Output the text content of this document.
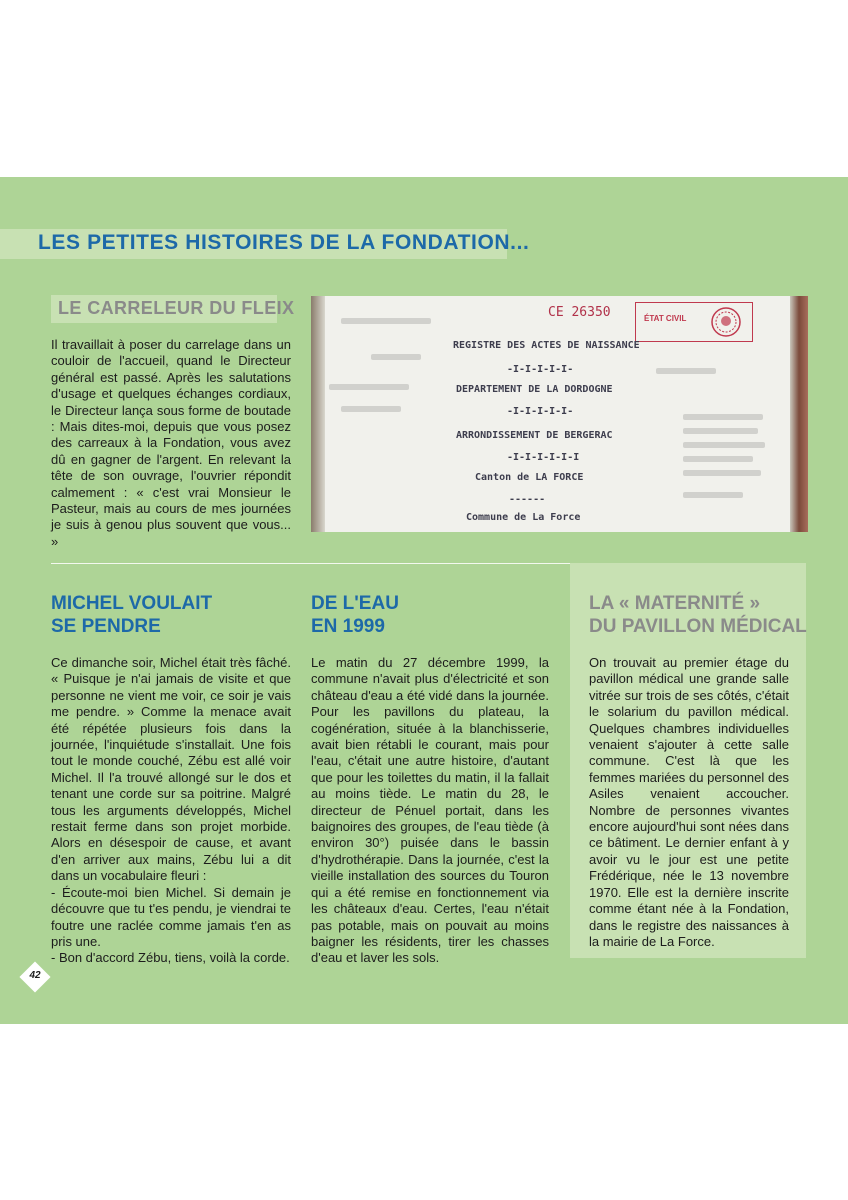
LES PETITES HISTOIRES DE LA FONDATION...
LE CARRELEUR DU FLEIX

Il travaillait à poser du carrelage dans un couloir de l'accueil, quand le Directeur général est passé. Après les salutations d'usage et quelques échanges cordiaux, le Directeur lança sous forme de boutade : Mais dites-moi, depuis que vous posez des carreaux à la Fondation, vous avez dû en gagner de l'argent. En relevant la tête de son ouvrage, l'ouvrier répondit calmement : « c'est vrai Monsieur le Pasteur, mais au cours de mes journées je suis à genou plus souvent que vous... »

CE 26350	ÉTAT CIVIL
REGISTRE DES ACTES DE NAISSANCE
-I-I-I-I-I-
DEPARTEMENT DE LA DORDOGNE
-I-I-I-I-I-
ARRONDISSEMENT DE BERGERAC
-I-I-I-I-I-I
Canton de LA FORCE
------
Commune de La Force
MICHEL VOULAIT
SE PENDRE
Ce dimanche soir, Michel était très fâché. « Puisque je n'ai jamais de visite et que personne ne vient me voir, ce soir je vais me pendre. » Comme la menace avait été répétée plusieurs fois dans la journée, l'inquiétude s'installait. Une fois tout le monde couché, Zébu est allé voir Michel. Il l'a trouvé allongé sur le dos et tenant une corde sur sa poitrine. Malgré tous les arguments développés, Michel restait ferme dans son projet morbide. Alors en désespoir de cause, et avant d'en arriver aux mains, Zébu lui a dit dans un vocabulaire fleuri :
- Écoute-moi bien Michel. Si demain je découvre que tu t'es pendu, je viendrai te foutre une raclée comme jamais t'en as pris une.
- Bon d'accord Zébu, tiens, voilà la corde.
DE L'EAU
EN 1999

Le matin du 27 décembre 1999, la commune n'avait plus d'électricité et son château d'eau a été vidé dans la journée. Pour les pavillons du plateau, la cogénération, située à la blanchisserie, avait bien rétabli le courant, mais pour l'eau, c'était une autre histoire, d'autant que pour les toilettes du matin, il la fallait au moins tiède. Le matin du 28, le directeur de Pénuel portait, dans les baignoires des groupes, de l'eau tiède (à environ 30°) puisée dans le bassin d'hydrothérapie. Dans la journée, c'est la vieille installation des sources du Touron qui a été remise en fonctionnement via les châteaux d'eau. Certes, l'eau n'était pas potable, mais on pouvait au moins baigner les résidents, tirer les chasses d'eau et laver les sols.

LA « MATERNITÉ »
DU PAVILLON MÉDICAL

On trouvait au premier étage du pavillon médical une grande salle vitrée sur trois de ses côtés, c'était le solarium du pavillon médical. Quelques chambres individuelles venaient s'ajouter à cette salle commune. C'est là que les femmes mariées du personnel des Asiles venaient accoucher. Nombre de personnes vivantes encore aujourd'hui sont nées dans ce bâtiment. Le dernier enfant à y avoir vu le jour est une petite Frédérique, née le 13 novembre 1970. Elle est la dernière inscrite comme étant née à la Fondation, dans le registre des naissances à la mairie de La Force.

42
